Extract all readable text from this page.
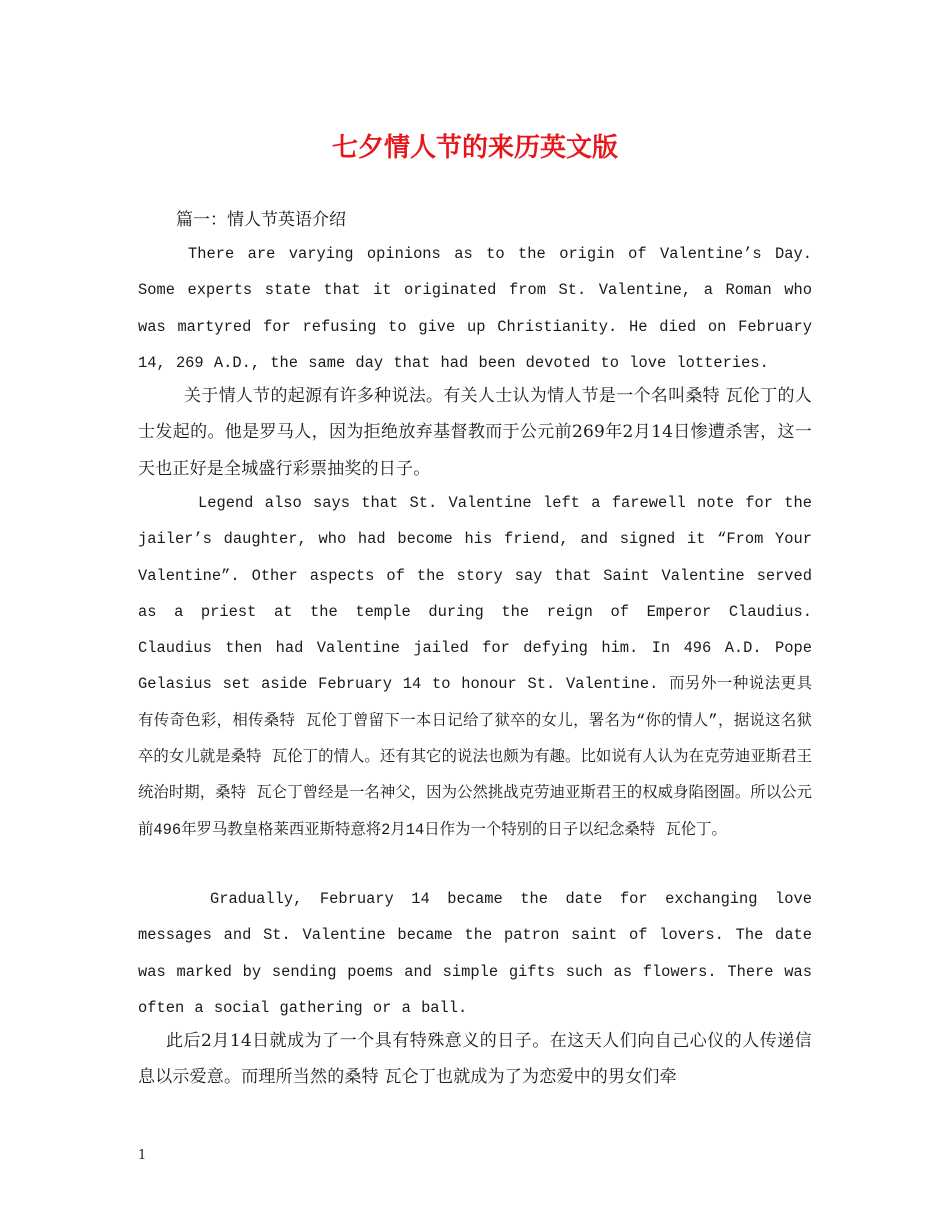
七夕情人节的来历英文版

篇一：情人节英语介绍

There are varying opinions as to the origin of Valentine’s Day. Some experts state that it originated from St. Valentine, a Roman who was martyred for refusing to give up Christianity. He died on February 14, 269 A.D., the same day that had been devoted to love lotteries.

关于情人节的起源有许多种说法。有关人士认为情人节是一个名叫桑特 瓦伦丁的人士发起的。他是罗马人，因为拒绝放弃基督教而于公元前269年2月14日惨遭杀害，这一天也正好是全城盛行彩票抽奖的日子。

Legend also says that St. Valentine left a farewell note for the jailer’s daughter, who had become his friend, and signed it “From Your Valentine”. Other aspects of the story say that Saint Valentine served as a priest at the temple during the reign of Emperor Claudius. Claudius then had Valentine jailed for defying him. In 496 A.D. Pope Gelasius set aside February 14 to honour St. Valentine. 而另外一种说法更具有传奇色彩，相传桑特 瓦伦丁曾留下一本日记给了狱卒的女儿，署名为“你的情人”，据说这名狱卒的女儿就是桑特 瓦伦丁的情人。还有其它的说法也颇为有趣。比如说有人认为在克劳迪亚斯君王统治时期，桑特 瓦仑丁曾经是一名神父，因为公然挑战克劳迪亚斯君王的权威身陷囹圄。所以公元前496年罗马教皇格莱西亚斯特意将2月14日作为一个特别的日子以纪念桑特 瓦伦丁。

Gradually, February 14 became the date for exchanging love messages and St. Valentine became the patron saint of lovers. The date was marked by sending poems and simple gifts such as flowers. There was often a social gathering or a ball.

此后2月14日就成为了一个具有特殊意义的日子。在这天人们向自己心仪的人传递信息以示爱意。而理所当然的桑特 瓦仑丁也就成为了为恋爱中的男女们牵

1
